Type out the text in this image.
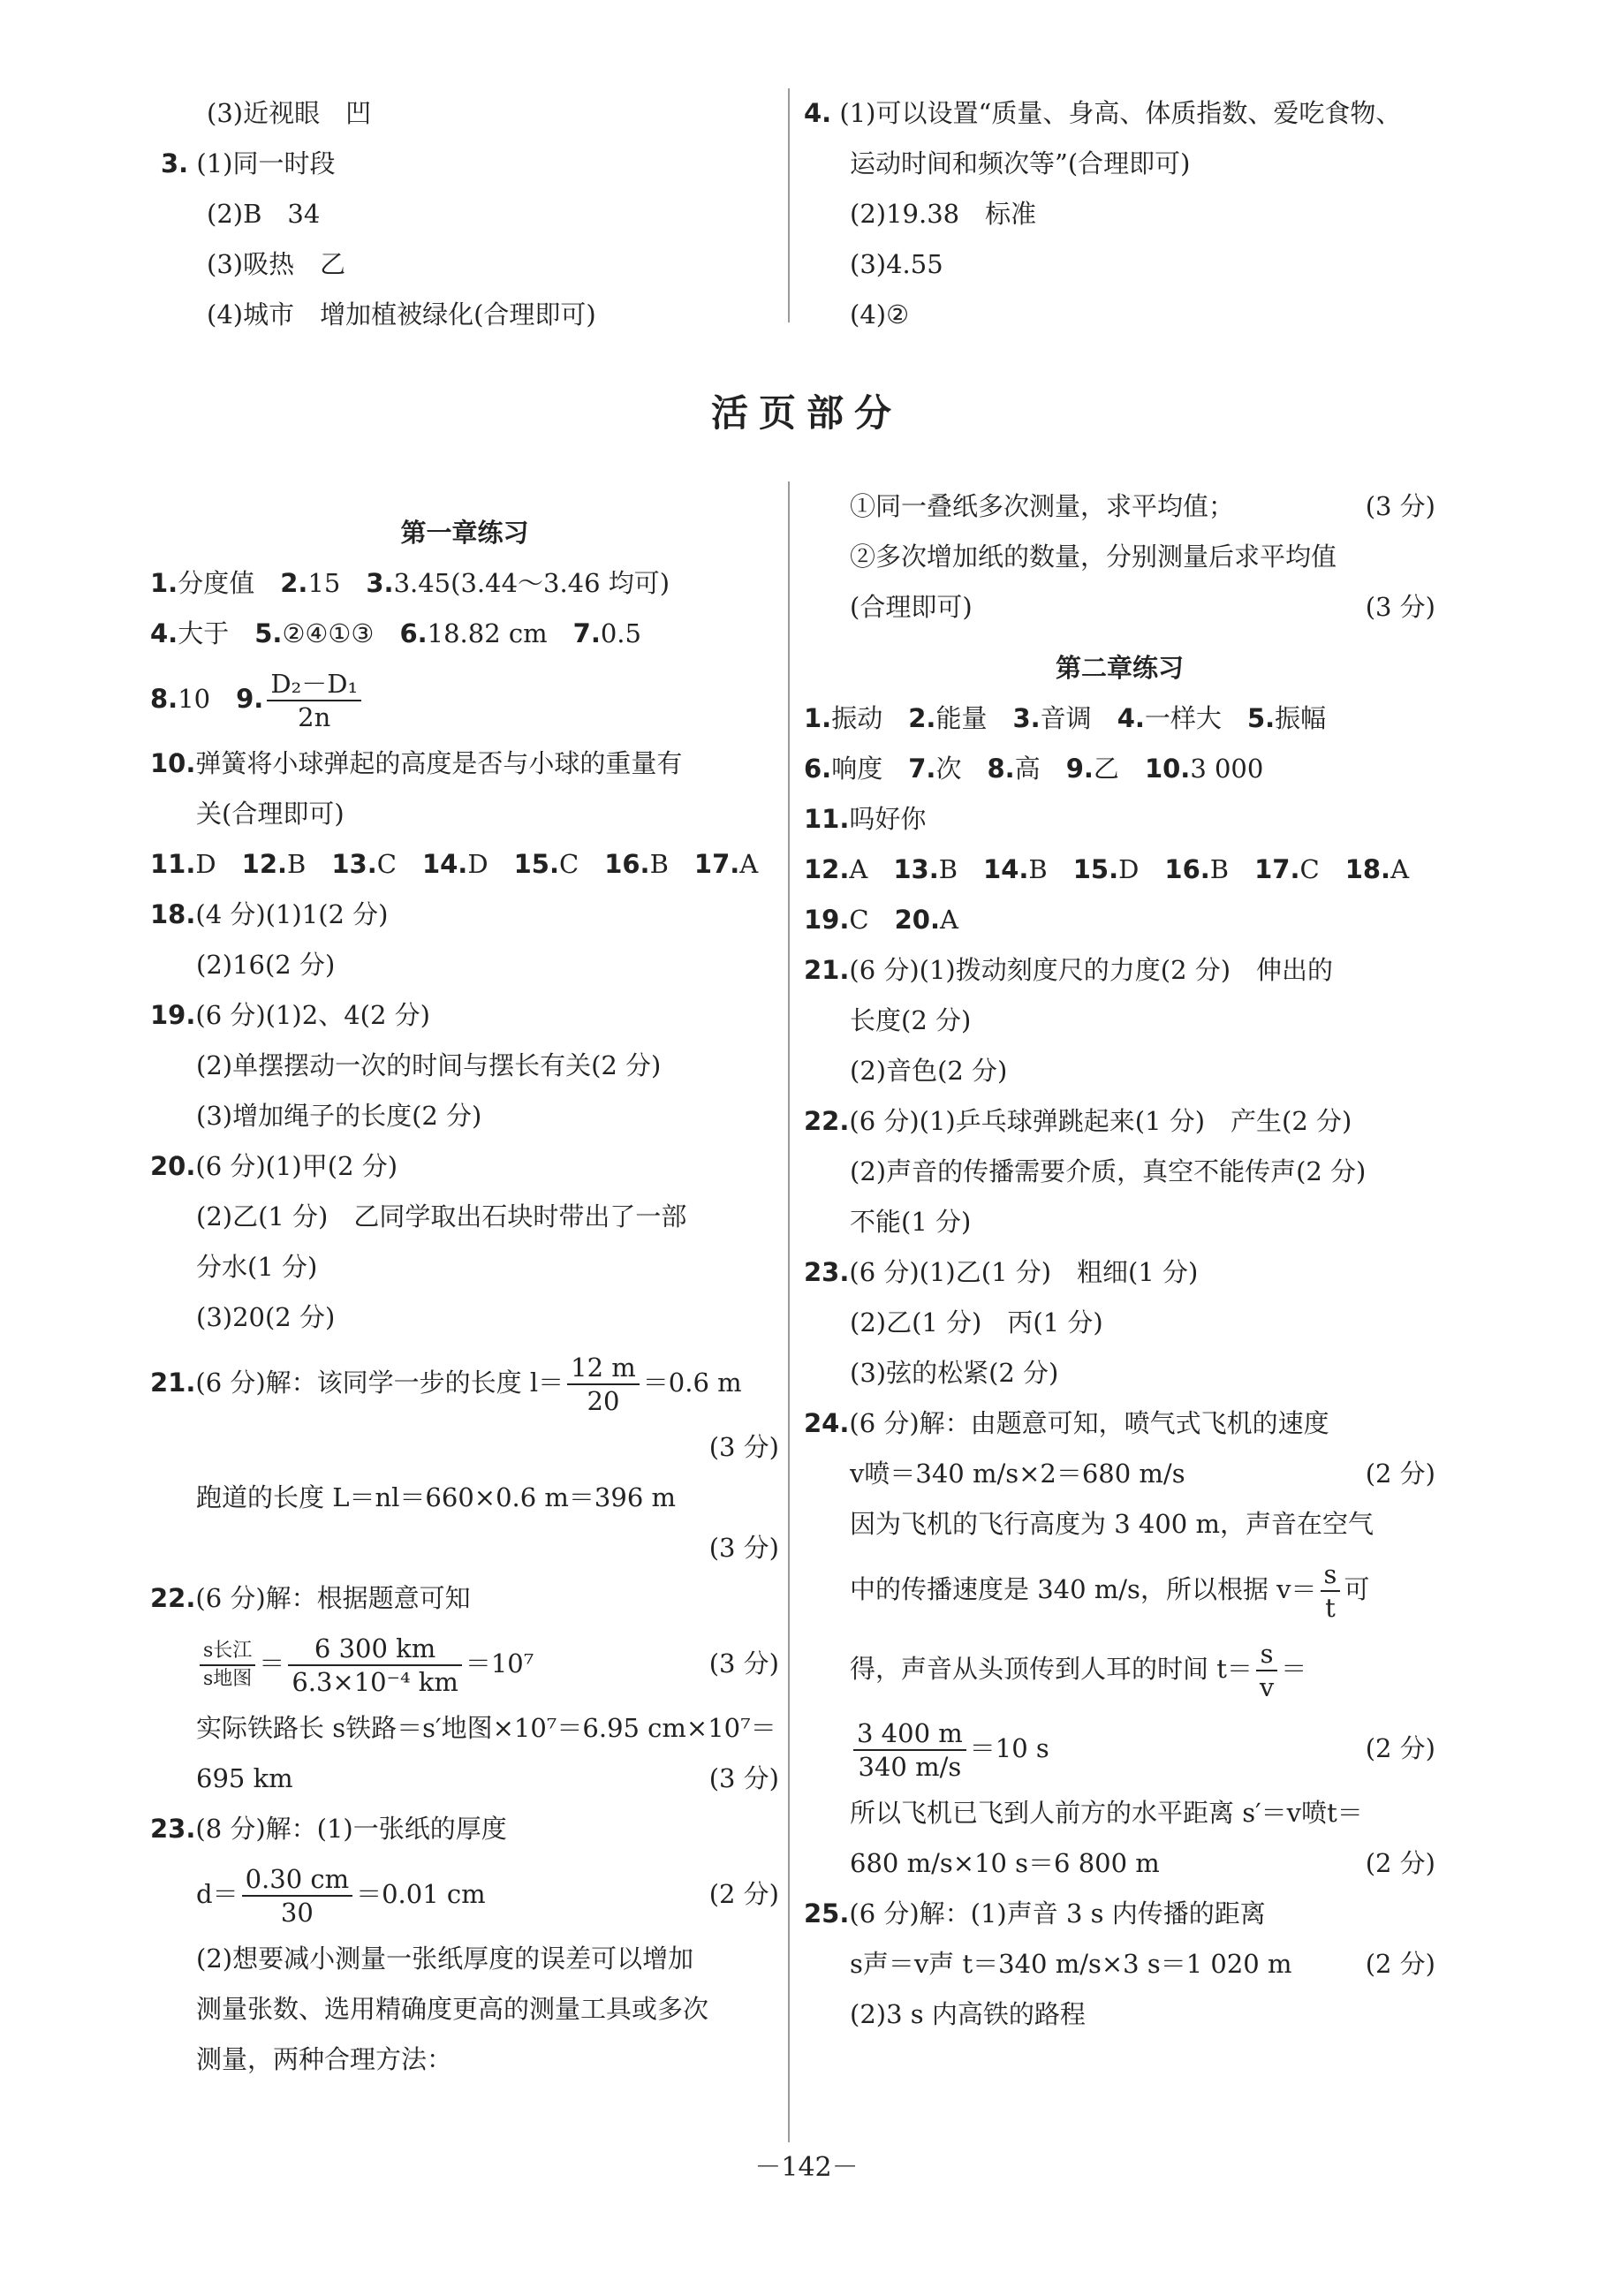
(3)近视眼　凹
3. (1)同一时段
(2)B　34
(3)吸热　乙
(4)城市　增加植被绿化(合理即可)
4. (1)可以设置“质量、身高、体质指数、爱吃食物、
运动时间和频次等”(合理即可)
(2)19.38　标准
(3)4.55
(4)②
活页部分
第一章练习
1.分度值　 2.15　 3.3.45(3.44～3.46 均可)
4.大于　 5.②④①③　 6.18.82 cm　 7.0.5
8.10　 9. $\frac{\text{D₂－D₁}}{2n}$
10.弹簧将小球弹起的高度是否与小球的重量有
关(合理即可)
11.D　 12.B　 13.C　 14.D　 15.C　 16.B　 17.A
18.(4 分)(1)1(2 分)
(2)16(2 分)
19.(6 分)(1)2、4(2 分)
(2)单摆摆动一次的时间与摆长有关(2 分)
(3)增加绳子的长度(2 分)
20.(6 分)(1)甲(2 分)
(2)乙(1 分)　乙同学取出石块时带出了一部
分水(1 分)
(3)20(2 分)
21.(6 分)解：该同学一步的长度 $l= \frac{12 m}{20} =0.6$ m
(3 分)

跑道的长度 L＝nl＝660×0.6 m＝396 m
(3 分)

22.(6 分)解：根据题意可知
$\frac{\text{s长江}}{\text{s地图}} = \frac{6 300 km}{\text{6.3×10⁻⁴ km}} =10^7$	(3 分)
实际铁路长 s铁路＝s′地图×10⁷＝6.95 cm×10⁷＝
695 km	(3 分)
23.(8 分)解：(1)一张纸的厚度
$d= \frac{0.30 cm}{30} =0.01$ cm	(2 分)
(2)想要减小测量一张纸厚度的误差可以增加
测量张数、选用精确度更高的测量工具或多次
测量，两种合理方法：
①同一叠纸多次测量，求平均值；	(3 分)
②多次增加纸的数量，分别测量后求平均值
(合理即可)	(3 分)
第二章练习
1.振动　 2.能量　 3.音调　 4.一样大　 5.振幅
6.响度　 7.次　 8.高　 9.乙　 10.3 000
11.吗好你
12.A　 13.B　 14.B　 15.D　 16.B　 17.C　 18.A
19.C　 20.A
21.(6 分)(1)拨动刻度尺的力度(2 分)　伸出的
长度(2 分)
(2)音色(2 分)
22.(6 分)(1)乒乓球弹跳起来(1 分)　产生(2 分)
(2)声音的传播需要介质，真空不能传声(2 分)
不能(1 分)
23.(6 分)(1)乙(1 分)　粗细(1 分)
(2)乙(1 分)　丙(1 分)
(3)弦的松紧(2 分)
24.(6 分)解：由题意可知，喷气式飞机的速度
v喷＝340 m/s×2＝680 m/s	(2 分)
因为飞机的飞行高度为 3 400 m，声音在空气
中的传播速度是 340 m/s，所以根据 $v= \frac{s}{t}$ 可
得，声音从头顶传到人耳的时间 $t= \frac{s}{v}$ ＝
$\frac{3 400 m}{340 m/s} =10$ s	(2 分)
所以飞机已飞到人前方的水平距离 s′＝v喷t＝
680 m/s×10 s＝6 800 m	(2 分)
25.(6 分)解：(1)声音 3 s 内传播的距离
s声＝v声 t＝340 m/s×3 s＝1 020 m	(2 分)
(2)3 s 内高铁的路程
－142－
